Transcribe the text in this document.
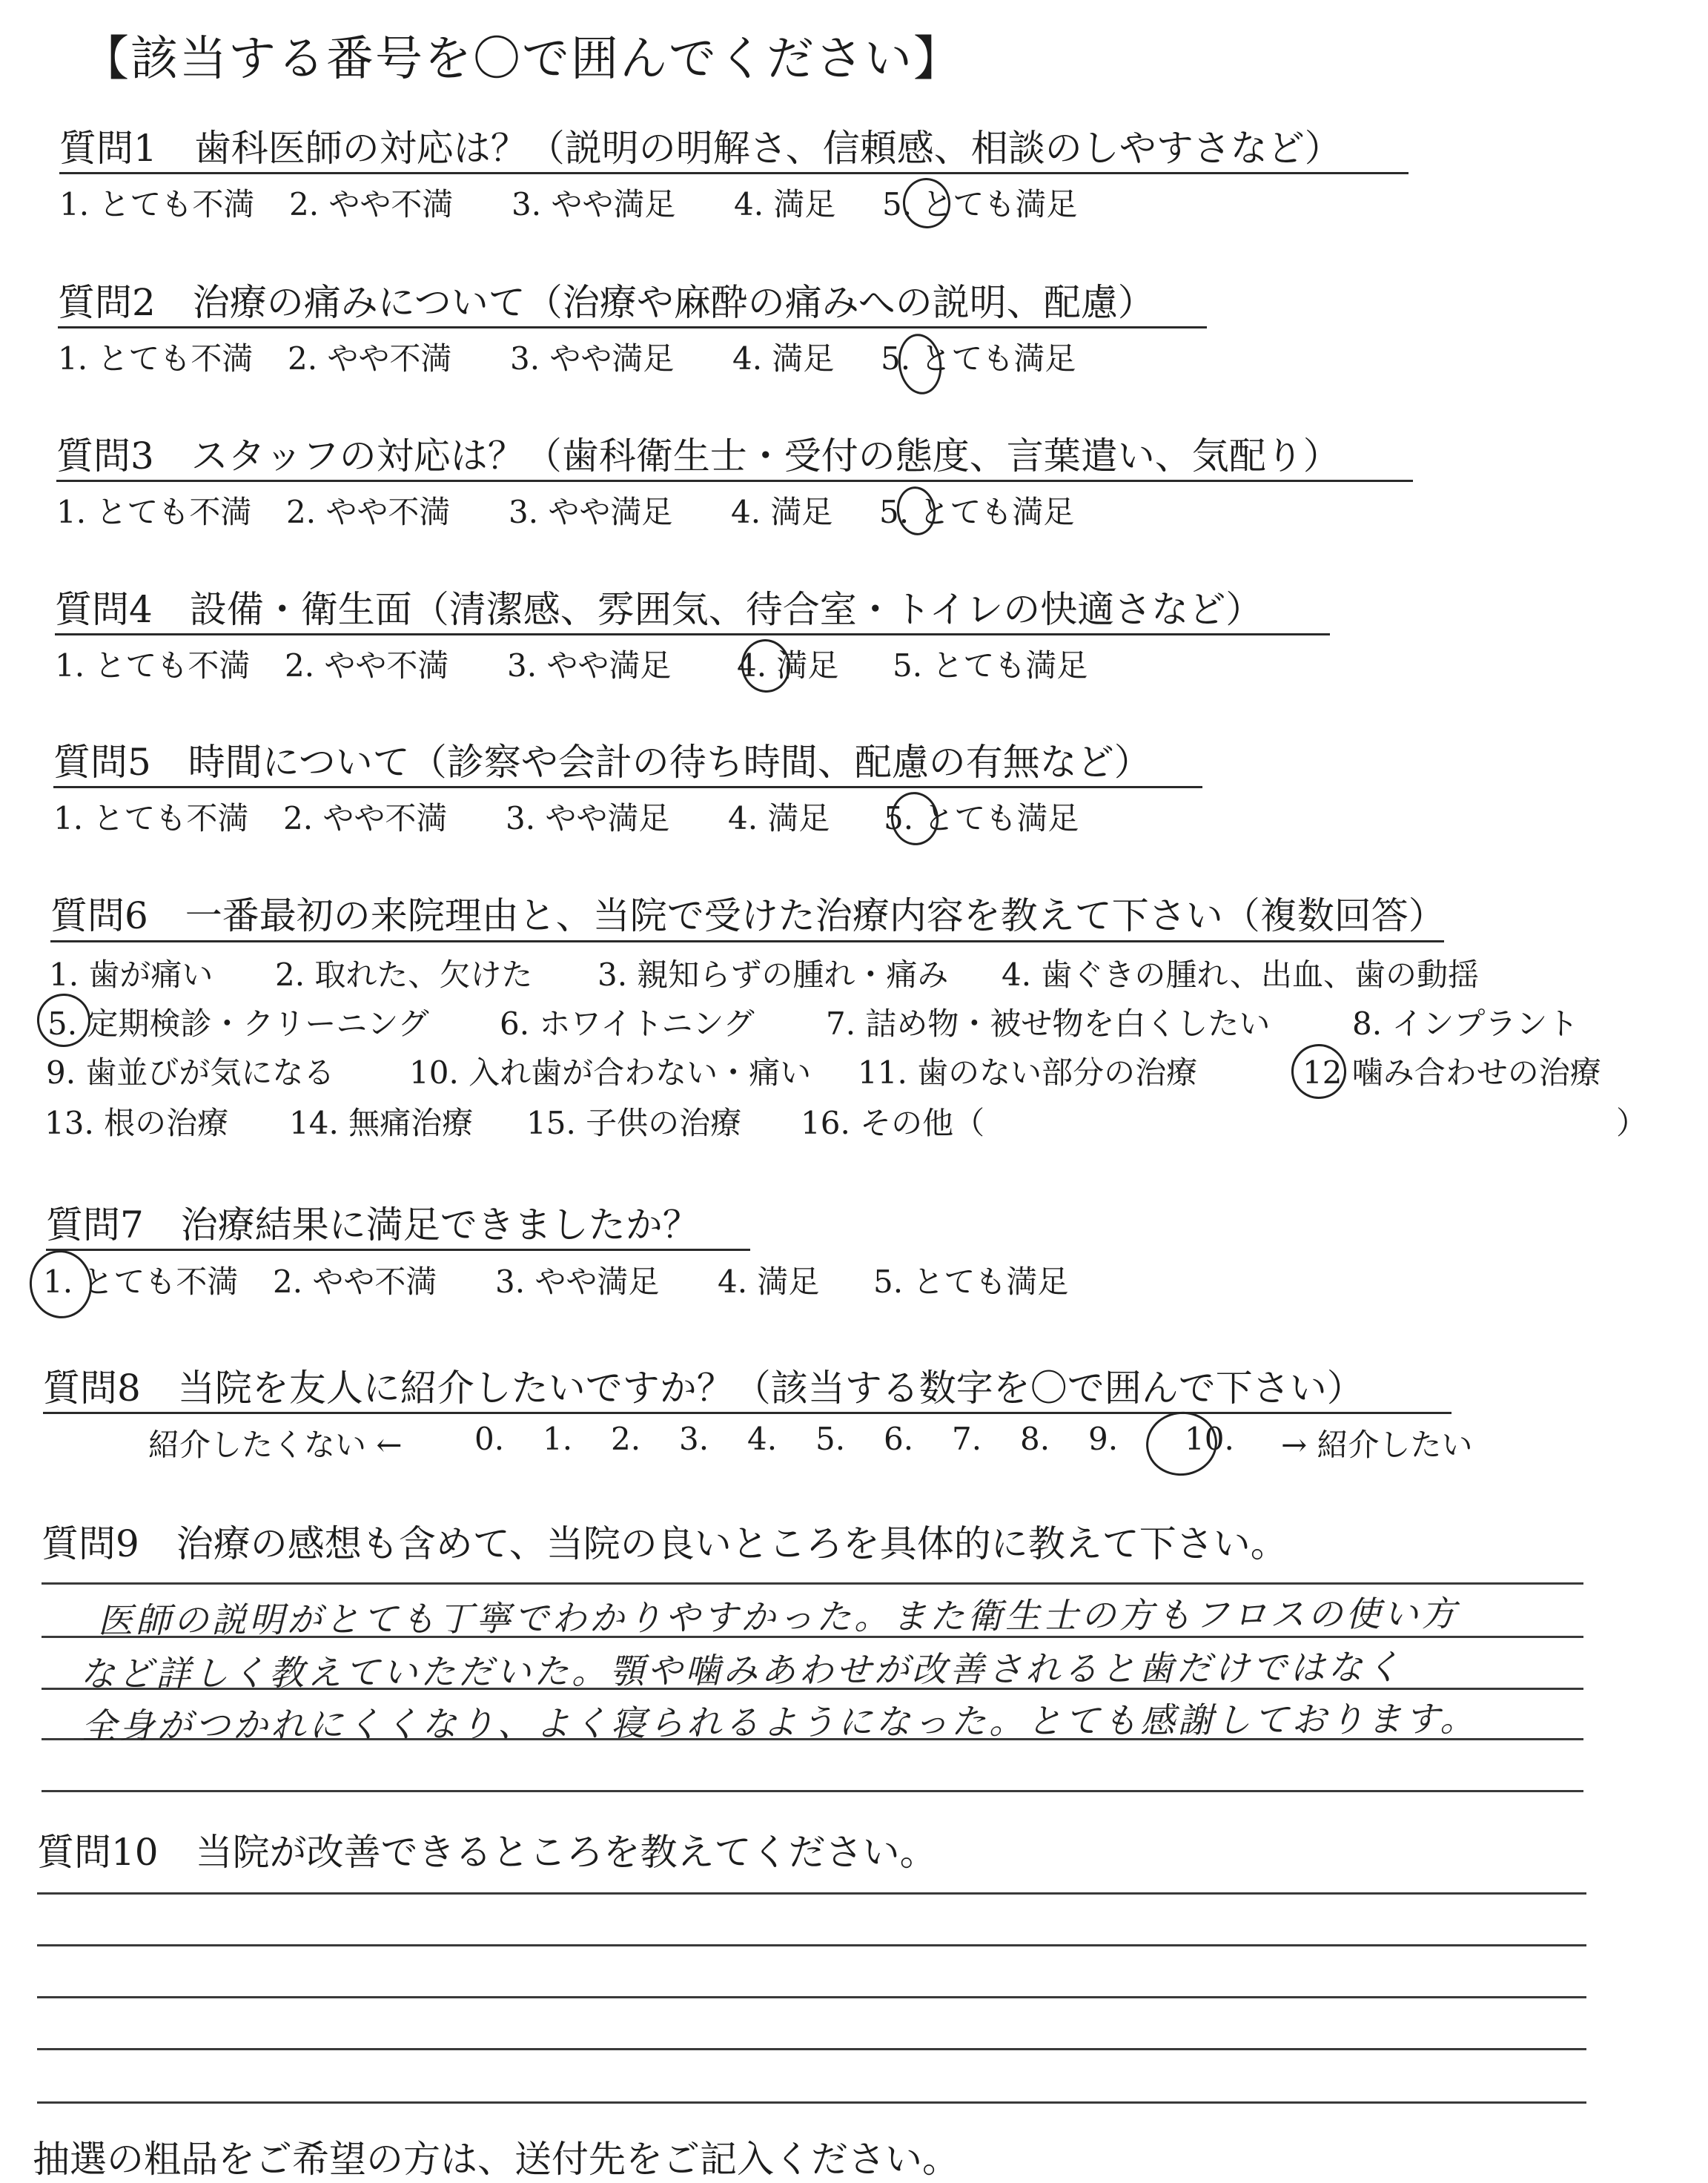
【該当する番号を〇で囲んでください】
質問1　歯科医師の対応は？（説明の明解さ、信頼感、相談のしやすさなど）
1. とても不満	2. やや不満	3. やや満足	4. 満足	5. とても満足
質問2　治療の痛みについて（治療や麻酔の痛みへの説明、配慮）
1. とても不満	2. やや不満	3. やや満足	4. 満足	5. とても満足
質問3　スタッフの対応は？（歯科衛生士・受付の態度、言葉遣い、気配り）
1. とても不満	2. やや不満	3. やや満足	4. 満足	5. とても満足
質問4　設備・衛生面（清潔感、雰囲気、待合室・トイレの快適さなど）
1. とても不満	2. やや不満	3. やや満足	4. 満足	5. とても満足
質問5　時間について（診察や会計の待ち時間、配慮の有無など）
1. とても不満	2. やや不満	3. やや満足	4. 満足	5. とても満足
質問6　一番最初の来院理由と、当院で受けた治療内容を教えて下さい（複数回答）
1. 歯が痛い	2. 取れた、欠けた	3. 親知らずの腫れ・痛み	4. 歯ぐきの腫れ、出血、歯の動揺
5. 定期検診・クリーニング	6. ホワイトニング	7. 詰め物・被せ物を白くしたい	8. インプラント
9. 歯並びが気になる	10. 入れ歯が合わない・痛い	11. 歯のない部分の治療	12 噛み合わせの治療
13. 根の治療	14. 無痛治療	15. 子供の治療	16. その他（	）
質問7　治療結果に満足できましたか？
1. とても不満	2. やや不満	3. やや満足	4. 満足	5. とても満足
質問8　当院を友人に紹介したいですか？（該当する数字を〇で囲んで下さい）
紹介したくない ←	0.	1.	2.	3.	4.	5.	6.	7.	8.	9.	10.	→ 紹介したい
質問9　治療の感想も含めて、当院の良いところを具体的に教えて下さい。
医師の説明がとても丁寧でわかりやすかった。また衛生士の方もフロスの使い方
など詳しく教えていただいた。顎や噛みあわせが改善されると歯だけではなく
全身がつかれにくくなり、よく寝られるようになった。とても感謝しております。
質問10　当院が改善できるところを教えてください。
抽選の粗品をご希望の方は、送付先をご記入ください。
